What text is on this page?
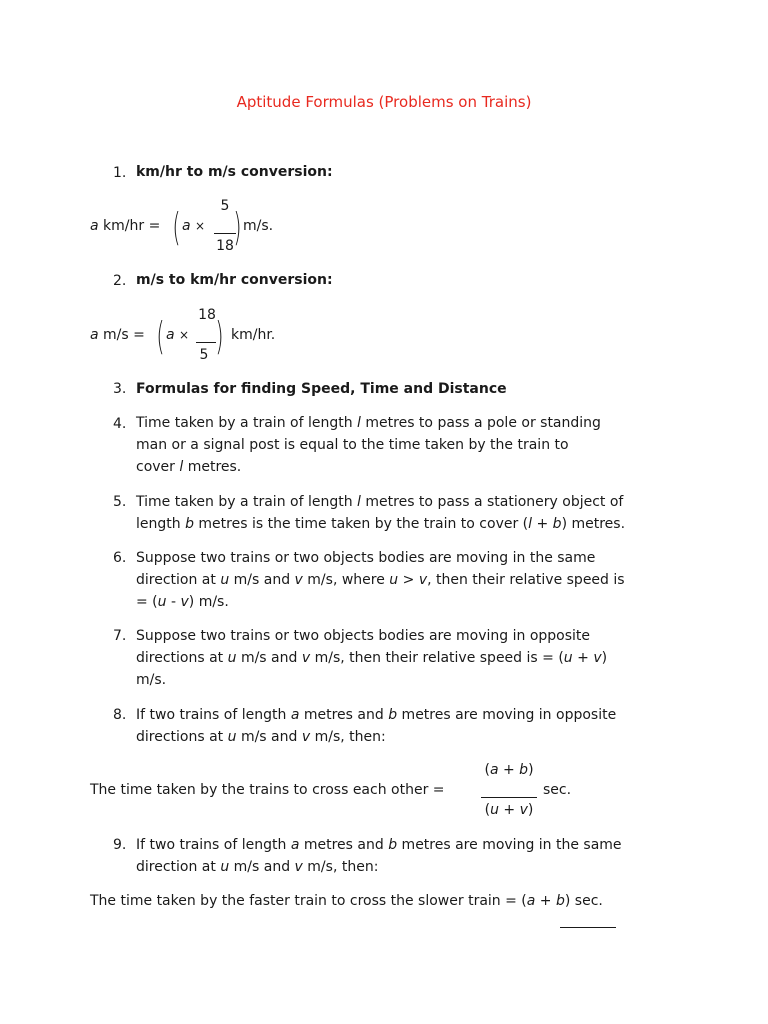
Aptitude Formulas (Problems on Trains)
1. km/hr to m/s conversion:
a km/hr = ( a ×
5
18 ) m/s.
2. m/s to km/hr conversion:
a m/s = ( a ×
18
5 ) km/hr.
3. Formulas for finding Speed, Time and Distance
4. Time taken by a train of length l metres to pass a pole or standing
man or a signal post is equal to the time taken by the train to
cover l metres.
5. Time taken by a train of length l metres to pass a stationery object of
length b metres is the time taken by the train to cover (l + b) metres.
6. Suppose two trains or two objects bodies are moving in the same
direction at u m/s and v m/s, where u > v, then their relative speed is
= (u - v) m/s.
7. Suppose two trains or two objects bodies are moving in opposite
directions at u m/s and v m/s, then their relative speed is = (u + v)
m/s.
8. If two trains of length a metres and b metres are moving in opposite
directions at u m/s and v m/s, then:
The time taken by the trains to cross each other =
(a + b)
(u + v)
sec.
9. If two trains of length a metres and b metres are moving in the same
direction at u m/s and v m/s, then:
The time taken by the faster train to cross the slower train = (a + b) sec.
